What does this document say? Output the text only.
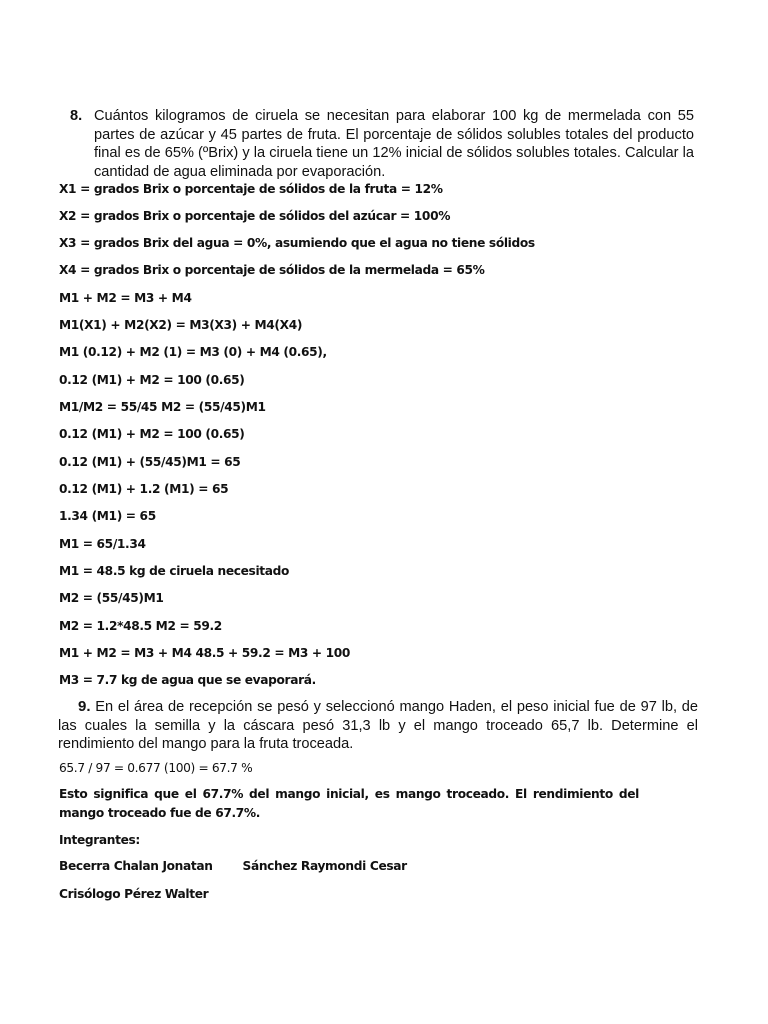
8. Cuántos kilogramos de ciruela se necesitan para elaborar 100 kg de mermelada con 55 partes de azúcar y 45 partes de fruta. El porcentaje de sólidos solubles totales del producto final es de 65% (ºBrix) y la ciruela tiene un 12% inicial de sólidos solubles totales. Calcular la cantidad de agua eliminada por evaporación.
X1 = grados Brix o porcentaje de sólidos de la fruta = 12%
X2 = grados Brix o porcentaje de sólidos del azúcar = 100%
X3 = grados Brix del agua = 0%, asumiendo que el agua no tiene sólidos
X4 = grados Brix o porcentaje de sólidos de la mermelada = 65%
M1 + M2 = M3 + M4
M1(X1) + M2(X2) = M3(X3) + M4(X4)
M1 (0.12) + M2 (1) = M3 (0) + M4 (0.65),
0.12 (M1) + M2 = 100 (0.65)
M1/M2 = 55/45 M2 = (55/45)M1
0.12 (M1) + M2 = 100 (0.65)
0.12 (M1) + (55/45)M1 = 65
0.12 (M1) + 1.2 (M1) = 65
1.34 (M1) = 65
M1 = 65/1.34
M1 = 48.5 kg de ciruela necesitado
M2 = (55/45)M1
M2 = 1.2*48.5 M2 = 59.2
M1 + M2 = M3 + M4 48.5 + 59.2 = M3 + 100
M3 = 7.7 kg de agua que se evaporará.
9. En el área de recepción se pesó y seleccionó mango Haden, el peso inicial fue de 97 lb, de las cuales la semilla y la cáscara pesó 31,3 lb y el mango troceado 65,7 lb. Determine el rendimiento del mango para la fruta troceada.
65.7 / 97 = 0.677 (100) = 67.7 %
Esto significa que el 67.7% del mango inicial, es mango troceado. El rendimiento del mango troceado fue de 67.7%.
Integrantes:
Becerra Chalan Jonatan Sánchez Raymondi Cesar
Crisólogo Pérez Walter
